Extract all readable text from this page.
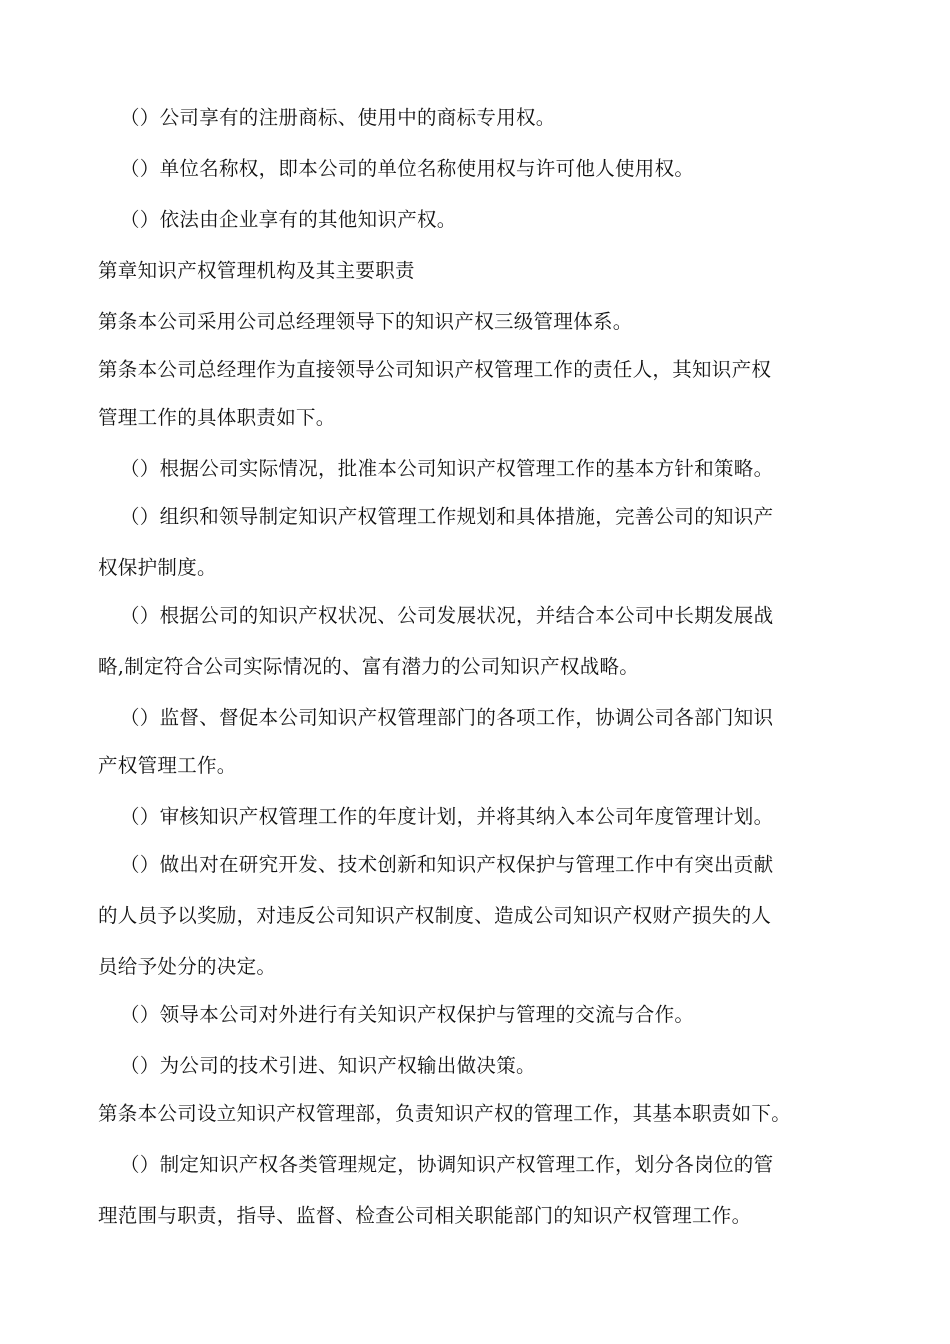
（）公司享有的注册商标、使用中的商标专用权。
（）单位名称权，即本公司的单位名称使用权与许可他人使用权。
（）依法由企业享有的其他知识产权。
第章知识产权管理机构及其主要职责
第条本公司采用公司总经理领导下的知识产权三级管理体系。
第条本公司总经理作为直接领导公司知识产权管理工作的责任人，其知识产权
管理工作的具体职责如下。
（）根据公司实际情况，批准本公司知识产权管理工作的基本方针和策略。
（）组织和领导制定知识产权管理工作规划和具体措施，完善公司的知识产
权保护制度。
（）根据公司的知识产权状况、公司发展状况，并结合本公司中长期发展战
略,制定符合公司实际情况的、富有潜力的公司知识产权战略。
（）监督、督促本公司知识产权管理部门的各项工作，协调公司各部门知识
产权管理工作。
（）审核知识产权管理工作的年度计划，并将其纳入本公司年度管理计划。
（）做出对在研究开发、技术创新和知识产权保护与管理工作中有突出贡献
的人员予以奖励，对违反公司知识产权制度、造成公司知识产权财产损失的人
员给予处分的决定。
（）领导本公司对外进行有关知识产权保护与管理的交流与合作。
（）为公司的技术引进、知识产权输出做决策。
第条本公司设立知识产权管理部，负责知识产权的管理工作，其基本职责如下。
（）制定知识产权各类管理规定，协调知识产权管理工作，划分各岗位的管
理范围与职责，指导、监督、检查公司相关职能部门的知识产权管理工作。
